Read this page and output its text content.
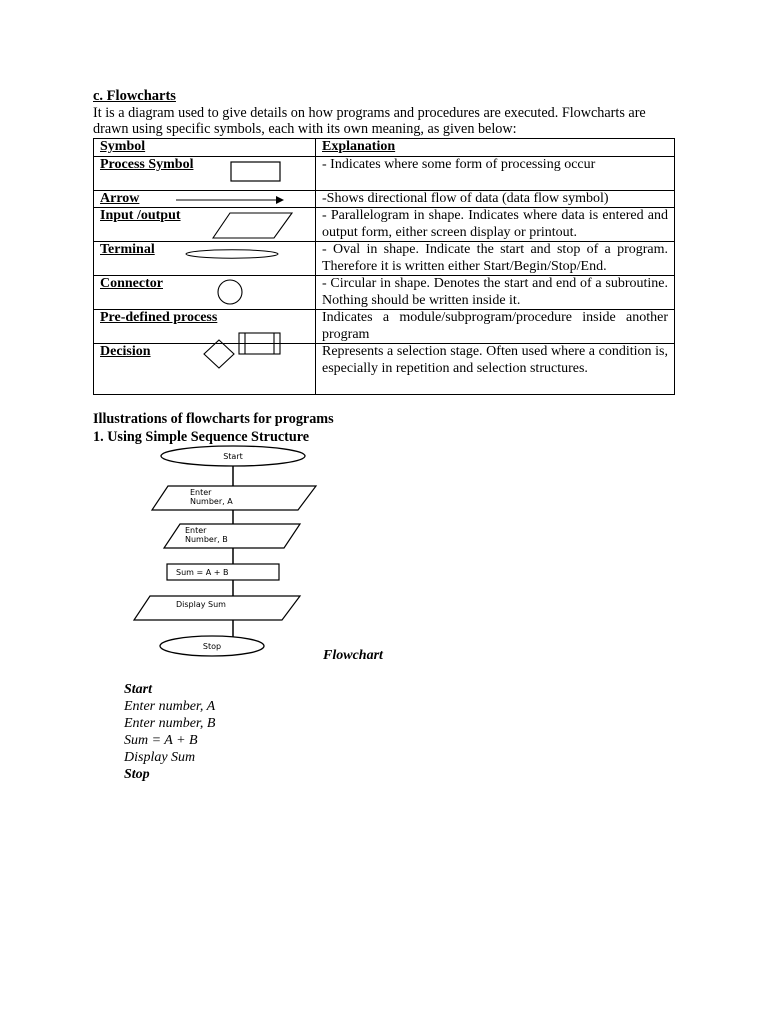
c. Flowcharts

It is a diagram used to give details on how programs and procedures are executed. Flowcharts are drawn using specific symbols, each with its own meaning, as given below:

Symbol	Explanation
Process Symbol	- Indicates where some form of processing occur
Arrow	-Shows directional flow of data (data flow symbol)
Input /output	- Parallelogram in shape. Indicates where data is entered and output form, either screen display or printout.
Terminal	- Oval in shape. Indicate the start and stop of a program. Therefore it is written either Start/Begin/Stop/End.
Connector	- Circular in shape. Denotes the start and end of a subroutine. Nothing should be written inside it.
Pre-defined process	Indicates a module/subprogram/procedure inside another program
Decision	Represents a selection stage. Often used where a condition is, especially in repetition and selection structures.
Illustrations of flowcharts for programs
1. Using Simple Sequence Structure
Start
Enter
Number, A
Enter
Number, B
Sum = A + B
Display Sum
Stop
Flowchart
Start
Enter number, A
Enter number, B
Sum = A + B
Display Sum
Stop
